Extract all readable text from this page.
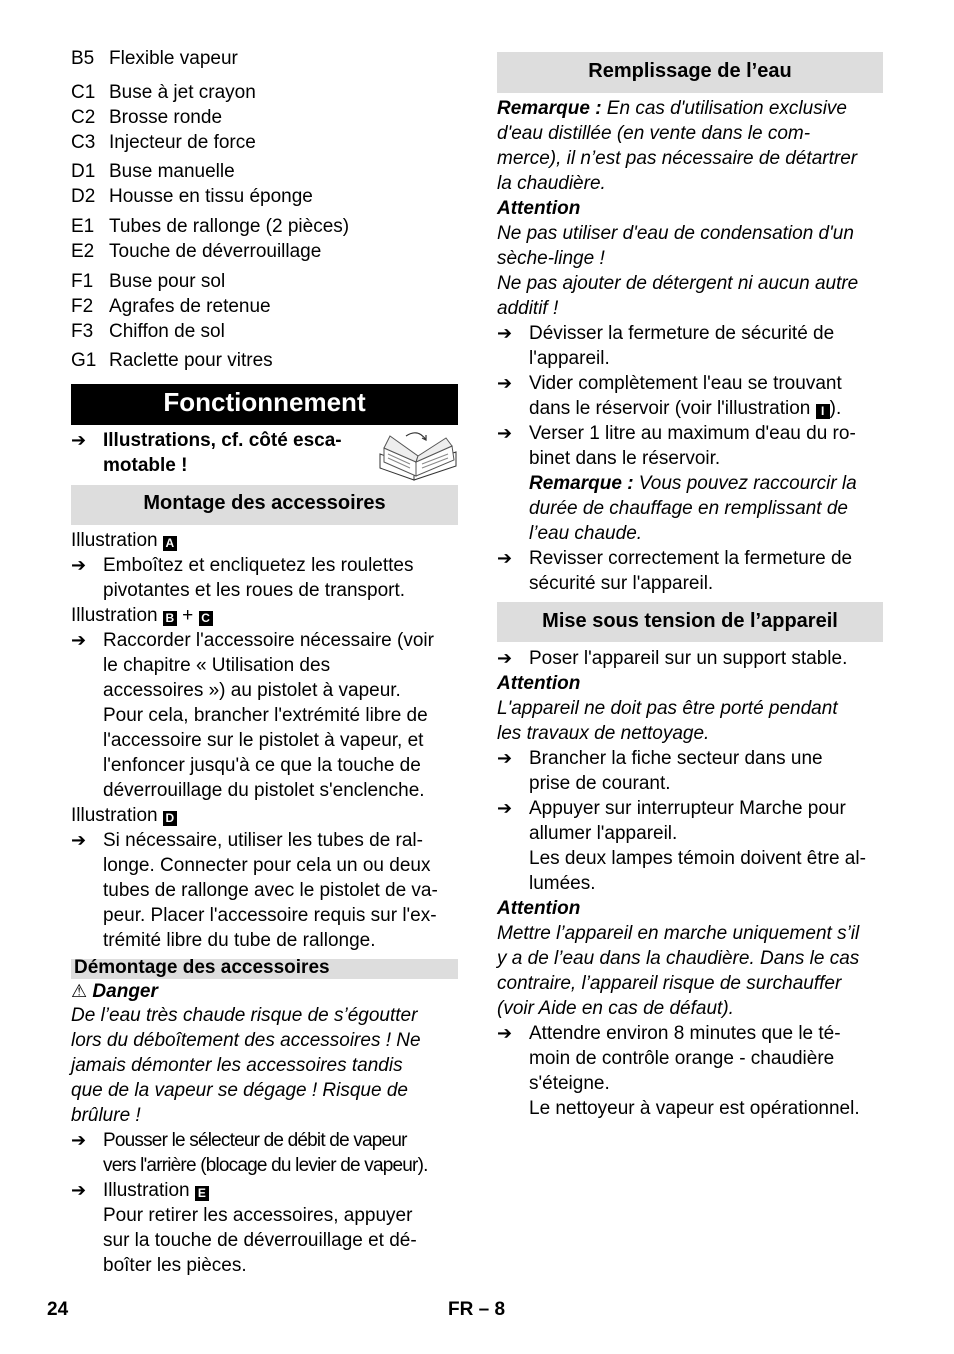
B5 Flexible vapeur
C1 Buse à jet crayon
C2 Brosse ronde
C3 Injecteur de force
D1 Buse manuelle
D2 Housse en tissu éponge
E1 Tubes de rallonge (2 pièces)
E2 Touche de déverrouillage
F1 Buse pour sol
F2 Agrafes de retenue
F3 Chiffon de sol
G1 Raclette pour vitres
Fonctionnement
➔ Illustrations, cf. côté esca-
motable !
Montage des accessoires
Illustration A
➔ Emboîtez et encliquetez les roulettes
pivotantes et les roues de transport.
Illustration B + C
➔ Raccorder l'accessoire nécessaire (voir
le chapitre « Utilisation des
accessoires ») au pistolet à vapeur.
Pour cela, brancher l'extrémité libre de
l'accessoire sur le pistolet à vapeur, et
l'enfoncer jusqu'à ce que la touche de
déverrouillage du pistolet s'enclenche.
Illustration D
➔ Si nécessaire, utiliser les tubes de ral-
longe. Connecter pour cela un ou deux
tubes de rallonge avec le pistolet de va-
peur. Placer l'accessoire requis sur l'ex-
trémité libre du tube de rallonge.
Démontage des accessoires
⚠ Danger
De l’eau très chaude risque de s’égoutter
lors du déboîtement des accessoires ! Ne
jamais démonter les accessoires tandis
que de la vapeur se dégage ! Risque de
brûlure !
➔ Pousser le sélecteur de débit de vapeur
vers l'arrière (blocage du levier de vapeur).
➔ Illustration E
Pour retirer les accessoires, appuyer
sur la touche de déverrouillage et dé-
boîter les pièces.
Remplissage de l’eau
Remarque : En cas d'utilisation exclusive
d'eau distillée (en vente dans le com-
merce), il n’est pas nécessaire de détartrer
la chaudière.
Attention
Ne pas utiliser d'eau de condensation d'un
sèche-linge !
Ne pas ajouter de détergent ni aucun autre
additif !
➔ Dévisser la fermeture de sécurité de
l'appareil.
➔ Vider complètement l'eau se trouvant
dans le réservoir (voir l'illustration I ).
➔ Verser 1 litre au maximum d'eau du ro-
binet dans le réservoir.
Remarque : Vous pouvez raccourcir la
durée de chauffage en remplissant de
l’eau chaude.
➔ Revisser correctement la fermeture de
sécurité sur l'appareil.
Mise sous tension de l’appareil
➔ Poser l'appareil sur un support stable.
Attention
L'appareil ne doit pas être porté pendant
les travaux de nettoyage.
➔ Brancher la fiche secteur dans une
prise de courant.
➔ Appuyer sur interrupteur Marche pour
allumer l'appareil.
Les deux lampes témoin doivent être al-
lumées.
Attention
Mettre l’appareil en marche uniquement s’il
y a de l’eau dans la chaudière. Dans le cas
contraire, l’appareil risque de surchauffer
(voir Aide en cas de défaut).
➔ Attendre environ 8 minutes que le té-
moin de contrôle orange - chaudière
s'éteigne.
Le nettoyeur à vapeur est opérationnel.
24	FR – 8
